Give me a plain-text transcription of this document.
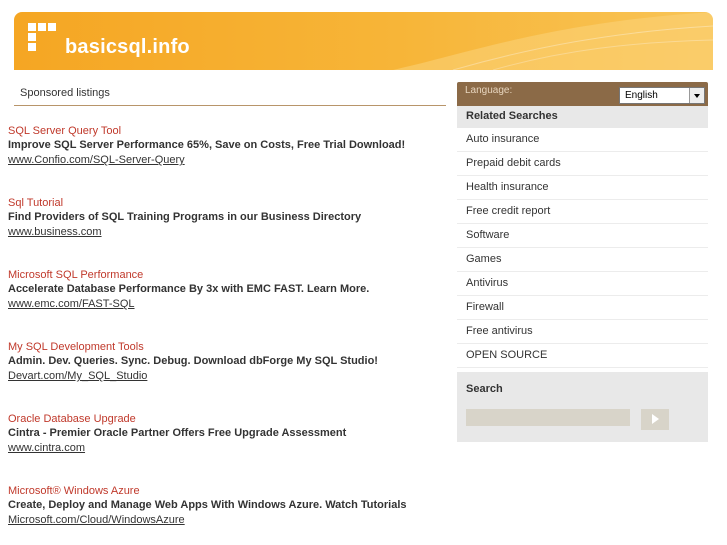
basicsql.info
Sponsored listings
SQL Server Query Tool
Improve SQL Server Performance 65%, Save on Costs, Free Trial Download!
www.Confio.com/SQL-Server-Query
Sql Tutorial
Find Providers of SQL Training Programs in our Business Directory
www.business.com
Microsoft SQL Performance
Accelerate Database Performance By 3x with EMC FAST. Learn More.
www.emc.com/FAST-SQL
My SQL Development Tools
Admin. Dev. Queries. Sync. Debug. Download dbForge My SQL Studio!
Devart.com/My_SQL_Studio
Oracle Database Upgrade
Cintra - Premier Oracle Partner Offers Free Upgrade Assessment
www.cintra.com
Microsoft® Windows Azure
Create, Deploy and Manage Web Apps With Windows Azure. Watch Tutorials
Microsoft.com/Cloud/WindowsAzure
Language:	English
Related Searches
Auto insurance
Prepaid debit cards
Health insurance
Free credit report
Software
Games
Antivirus
Firewall
Free antivirus
OPEN SOURCE
Search
